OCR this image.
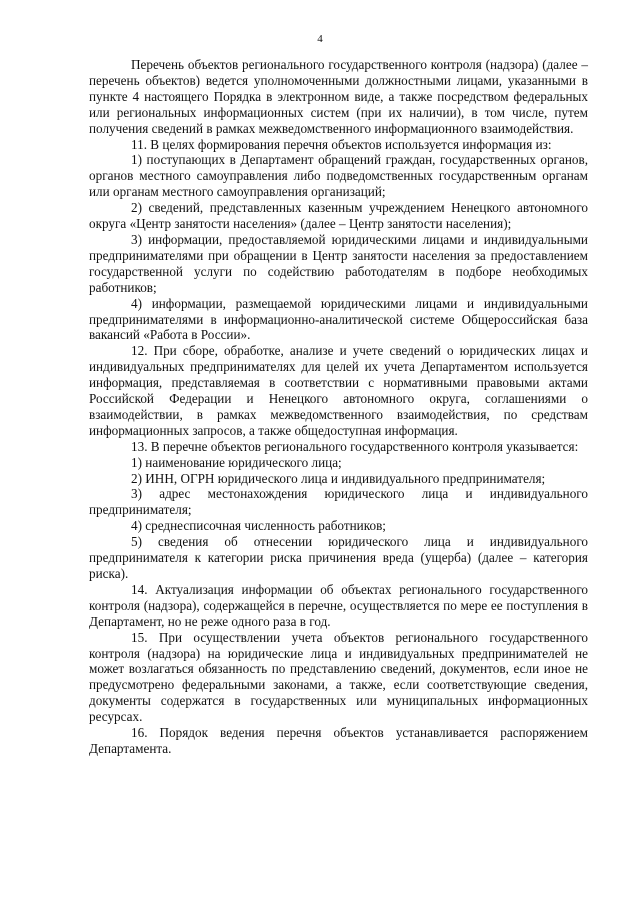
4

Перечень объектов регионального государственного контроля (надзора) (далее – перечень объектов) ведется уполномоченными должностными лицами, указанными в пункте 4 настоящего Порядка в электронном виде, а также посредством федеральных или региональных информационных систем (при их наличии), в том числе, путем получения сведений в рамках межведомственного информационного взаимодействия.

11. В целях формирования перечня объектов используется информация из:

1) поступающих в Департамент обращений граждан, государственных органов, органов местного самоуправления либо подведомственных государственным органам или органам местного самоуправления организаций;

2) сведений, представленных казенным учреждением Ненецкого автономного округа «Центр занятости населения» (далее – Центр занятости населения);

3) информации, предоставляемой юридическими лицами и индивидуальными предпринимателями при обращении в Центр занятости населения за предоставлением государственной услуги по содействию работодателям в подборе необходимых работников;

4) информации, размещаемой юридическими лицами и индивидуальными предпринимателями в информационно-аналитической системе Общероссийская база вакансий «Работа в России».

12. При сборе, обработке, анализе и учете сведений о юридических лицах и индивидуальных предпринимателях для целей их учета Департаментом используется информация, представляемая в соответствии с нормативными правовыми актами Российской Федерации и Ненецкого автономного округа, соглашениями о взаимодействии, в рамках межведомственного взаимодействия, по средствам информационных запросов, а также общедоступная информация.

13. В перечне объектов регионального государственного контроля указывается:

1) наименование юридического лица;

2) ИНН, ОГРН юридического лица и индивидуального предпринимателя;

3) адрес местонахождения юридического лица и индивидуального предпринимателя;

4) среднесписочная численность работников;

5) сведения об отнесении юридического лица и индивидуального предпринимателя к категории риска причинения вреда (ущерба) (далее – категория риска).

14. Актуализация информации об объектах регионального государственного контроля (надзора), содержащейся в перечне, осуществляется по мере ее поступления в Департамент, но не реже одного раза в год.

15. При осуществлении учета объектов регионального государственного контроля (надзора) на юридические лица и индивидуальных предпринимателей не может возлагаться обязанность по представлению сведений, документов, если иное не предусмотрено федеральными законами, а также, если соответствующие сведения, документы содержатся в государственных или муниципальных информационных ресурсах.

16. Порядок ведения перечня объектов устанавливается распоряжением Департамента.
